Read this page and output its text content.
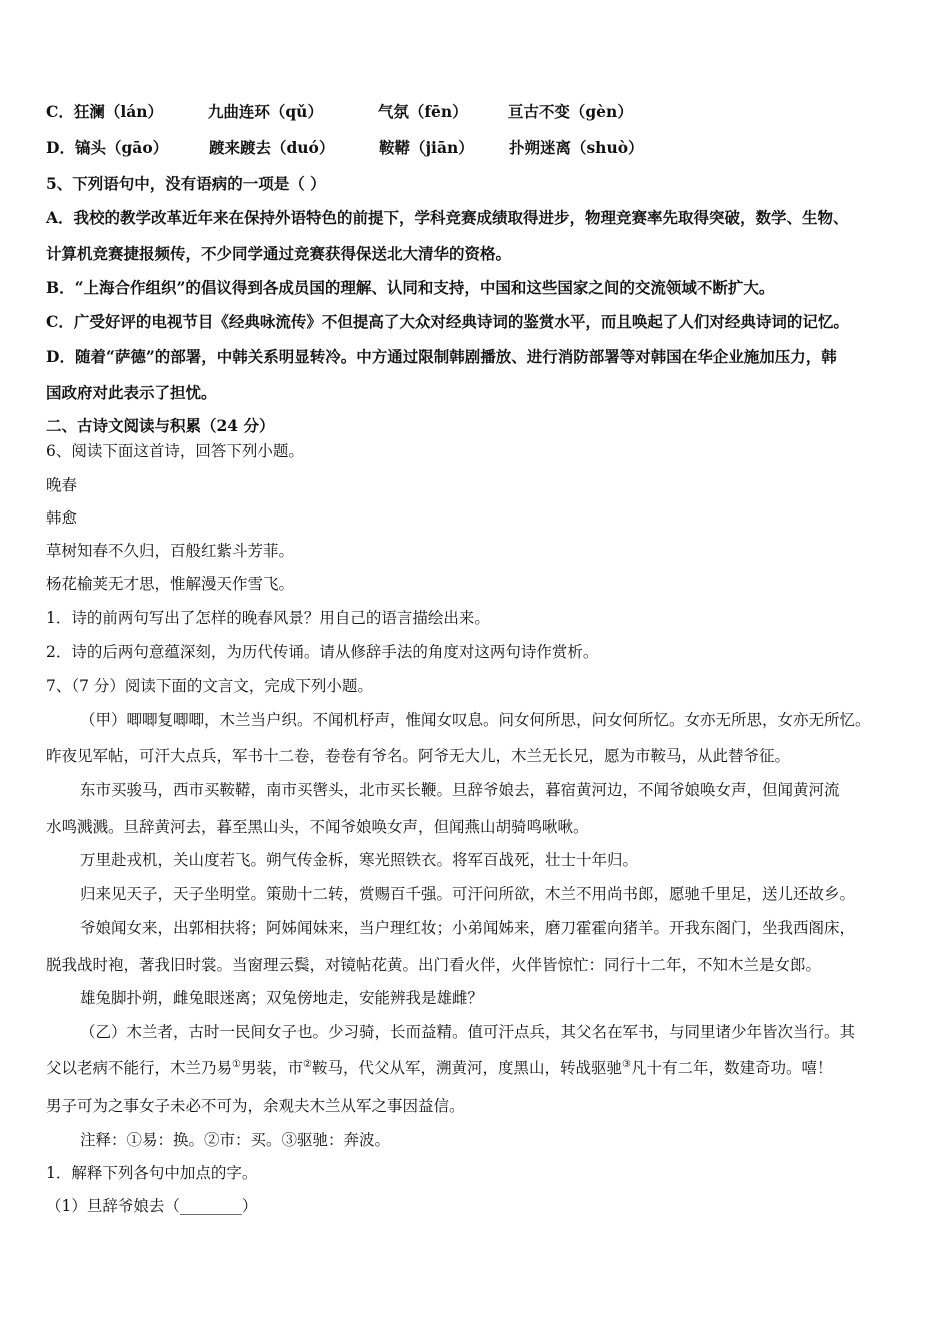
C．狂澜（lán）	九曲连环（qǔ）	气氛（fēn）	亘古不变（gèn）
D．镐头（gāo）	踱来踱去（duó）	鞍鞯（jiān） 扑朔迷离（shuò）
5、下列语句中，没有语病的一项是（ ）
A．我校的教学改革近年来在保持外语特色的前提下，学科竞赛成绩取得进步，物理竞赛率先取得突破，数学、生物、
计算机竞赛捷报频传，不少同学通过竞赛获得保送北大清华的资格。
B．“上海合作组织”的倡议得到各成员国的理解、认同和支持，中国和这些国家之间的交流领域不断扩大。
C．广受好评的电视节目《经典咏流传》不但提高了大众对经典诗词的鉴赏水平，而且唤起了人们对经典诗词的记忆。
D．随着“萨德”的部署，中韩关系明显转冷。中方通过限制韩剧播放、进行消防部署等对韩国在华企业施加压力，韩
国政府对此表示了担忧。
二、古诗文阅读与积累（24 分）
6、阅读下面这首诗，回答下列小题。
晚春
韩愈
草树知春不久归，百般红紫斗芳菲。
杨花榆荚无才思，惟解漫天作雪飞。
1．诗的前两句写出了怎样的晚春风景？用自己的语言描绘出来。
2．诗的后两句意蕴深刻，为历代传诵。请从修辞手法的角度对这两句诗作赏析。
7、（7 分）阅读下面的文言文，完成下列小题。
（甲）唧唧复唧唧，木兰当户织。不闻机杼声，惟闻女叹息。问女何所思，问女何所忆。女亦无所思，女亦无所忆。
昨夜见军帖，可汗大点兵，军书十二卷，卷卷有爷名。阿爷无大儿，木兰无长兄，愿为市鞍马，从此替爷征。
东市买骏马，西市买鞍鞯，南市买辔头，北市买长鞭。旦辞爷娘去，暮宿黄河边，不闻爷娘唤女声，但闻黄河流
水鸣溅溅。旦辞黄河去，暮至黑山头，不闻爷娘唤女声，但闻燕山胡骑鸣啾啾。
万里赴戎机，关山度若飞。朔气传金柝，寒光照铁衣。将军百战死，壮士十年归。
归来见天子，天子坐明堂。策勋十二转，赏赐百千强。可汗问所欲，木兰不用尚书郎，愿驰千里足，送儿还故乡。
爷娘闻女来，出郭相扶将；阿姊闻妹来，当户理红妆；小弟闻姊来，磨刀霍霍向猪羊。开我东阁门，坐我西阁床，
脱我战时袍，著我旧时裳。当窗理云鬓，对镜帖花黄。出门看火伴，火伴皆惊忙：同行十二年，不知木兰是女郎。
雄兔脚扑朔，雌兔眼迷离；双兔傍地走，安能辨我是雄雌？
（乙）木兰者，古时一民间女子也。少习骑，长而益精。值可汗点兵，其父名在军书，与同里诸少年皆次当行。其
父以老病不能行，木兰乃易①男装，市②鞍马，代父从军，溯黄河，度黑山，转战驱驰③凡十有二年，数建奇功。嘻！
男子可为之事女子未必不可为，余观夫木兰从军之事因益信。
注释：①易：换。②市：买。③驱驰：奔波。
1．解释下列各句中加点的字。
（1）旦辞爷娘去（________）
